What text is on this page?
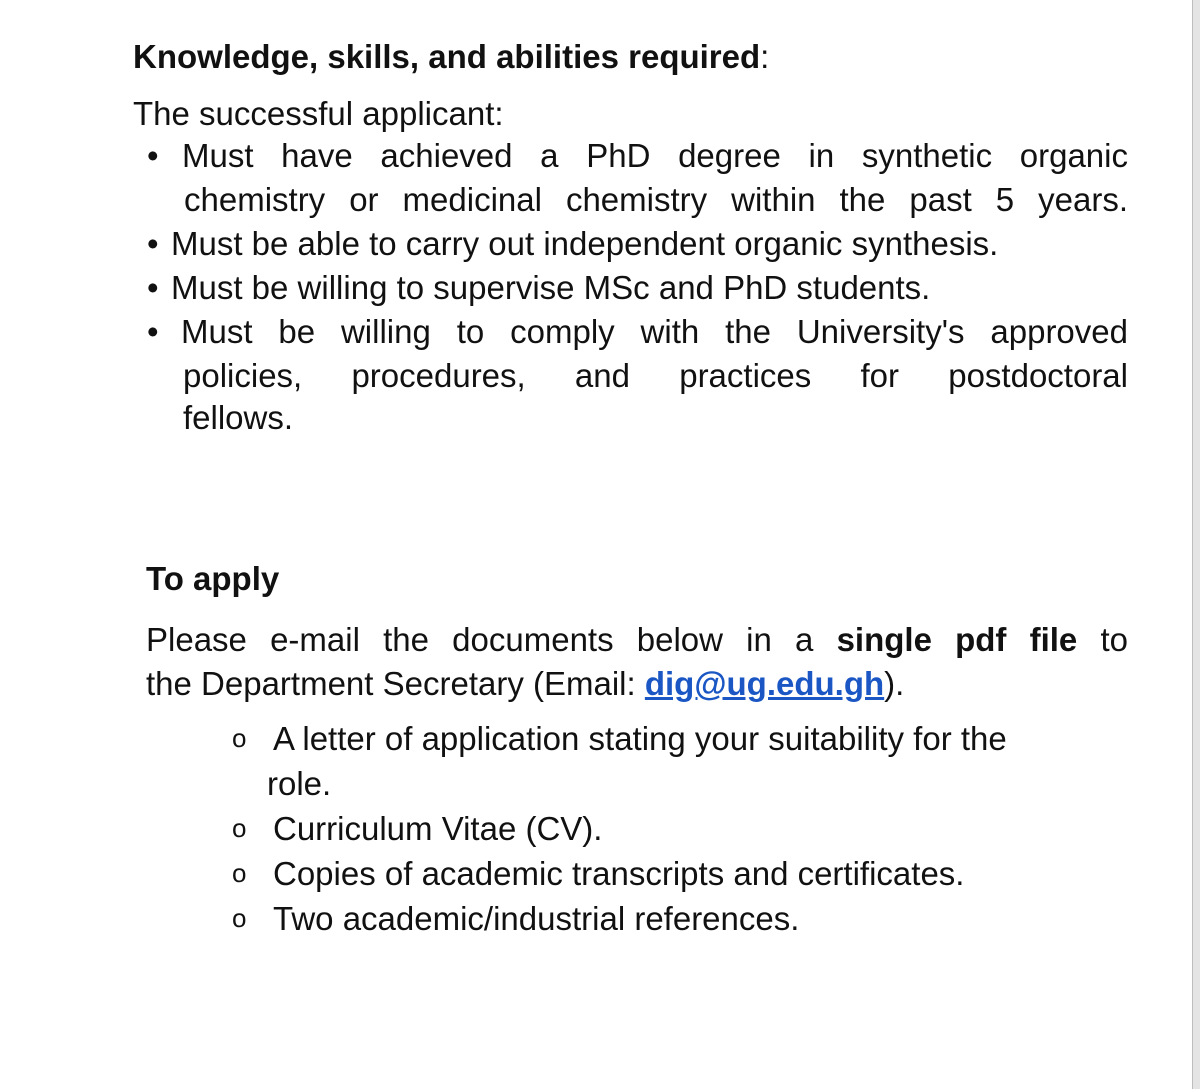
Knowledge, skills, and abilities required:

The successful applicant:
• Must have achieved a PhD degree in synthetic organic
chemistry or medicinal chemistry within the past 5 years.
• Must be able to carry out independent organic synthesis.
• Must be willing to supervise MSc and PhD students.
• Must be willing to comply with the University's approved
policies, procedures, and practices for postdoctoral
fellows.

To apply

Please e-mail the documents below in a single pdf file to
the Department Secretary (Email: dig@ug.edu.gh).
o A letter of application stating your suitability for the
role.
o Curriculum Vitae (CV).
o Copies of academic transcripts and certificates.
o Two academic/industrial references.
